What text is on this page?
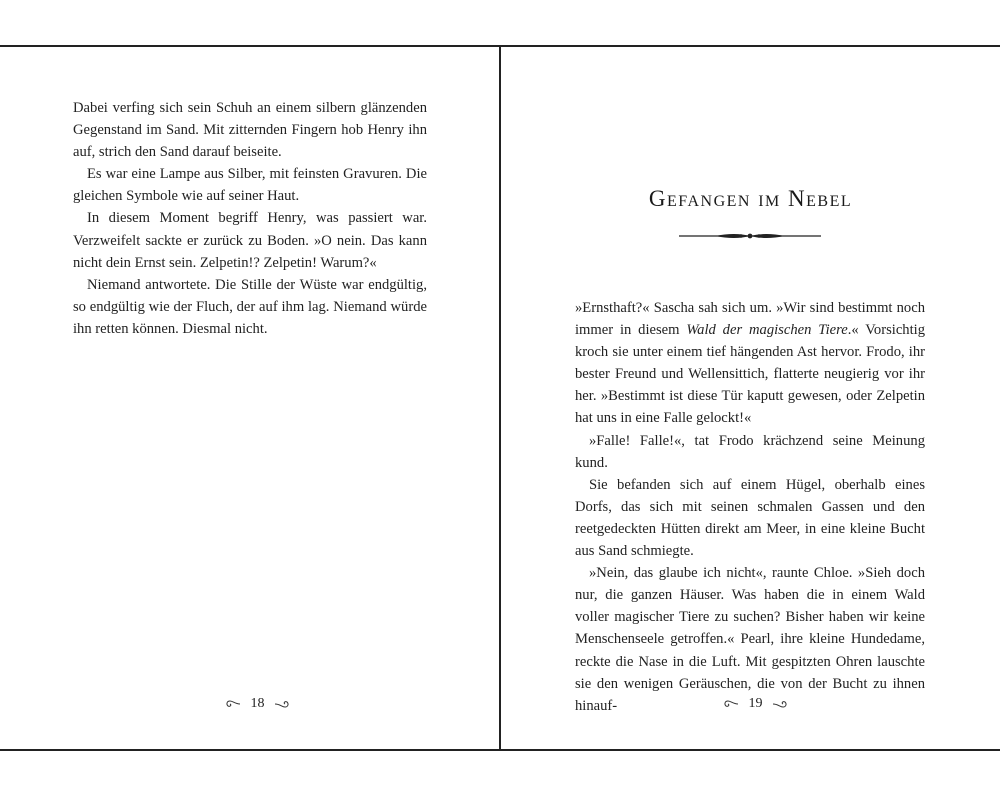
Dabei verfing sich sein Schuh an einem silbern glänzenden Gegenstand im Sand. Mit zitternden Fingern hob Henry ihn auf, strich den Sand darauf beiseite.

Es war eine Lampe aus Silber, mit feinsten Gravuren. Die gleichen Symbole wie auf seiner Haut.

In diesem Moment begriff Henry, was passiert war. Verzweifelt sackte er zurück zu Boden. »O nein. Das kann nicht dein Ernst sein. Zelpetin!? Zelpetin! Warum?«

Niemand antwortete. Die Stille der Wüste war endgültig, so endgültig wie der Fluch, der auf ihm lag. Niemand würde ihn retten können. Diesmal nicht.

18
Gefangen im Nebel

»Ernsthaft?« Sascha sah sich um. »Wir sind bestimmt noch immer in diesem Wald der magischen Tiere.« Vorsichtig kroch sie unter einem tief hängenden Ast hervor. Frodo, ihr bester Freund und Wellensittich, flatterte neugierig vor ihr her. »Bestimmt ist diese Tür kaputt gewesen, oder Zelpetin hat uns in eine Falle gelockt!«

»Falle! Falle!«, tat Frodo krächzend seine Meinung kund.

Sie befanden sich auf einem Hügel, oberhalb eines Dorfs, das sich mit seinen schmalen Gassen und den reetgedeckten Hütten direkt am Meer, in eine kleine Bucht aus Sand schmiegte.

»Nein, das glaube ich nicht«, raunte Chloe. »Sieh doch nur, die ganzen Häuser. Was haben die in einem Wald voller magischer Tiere zu suchen? Bisher haben wir keine Menschenseele getroffen.« Pearl, ihre kleine Hundedame, reckte die Nase in die Luft. Mit gespitzten Ohren lauschte sie den wenigen Geräuschen, die von der Bucht zu ihnen hinauf-	19
